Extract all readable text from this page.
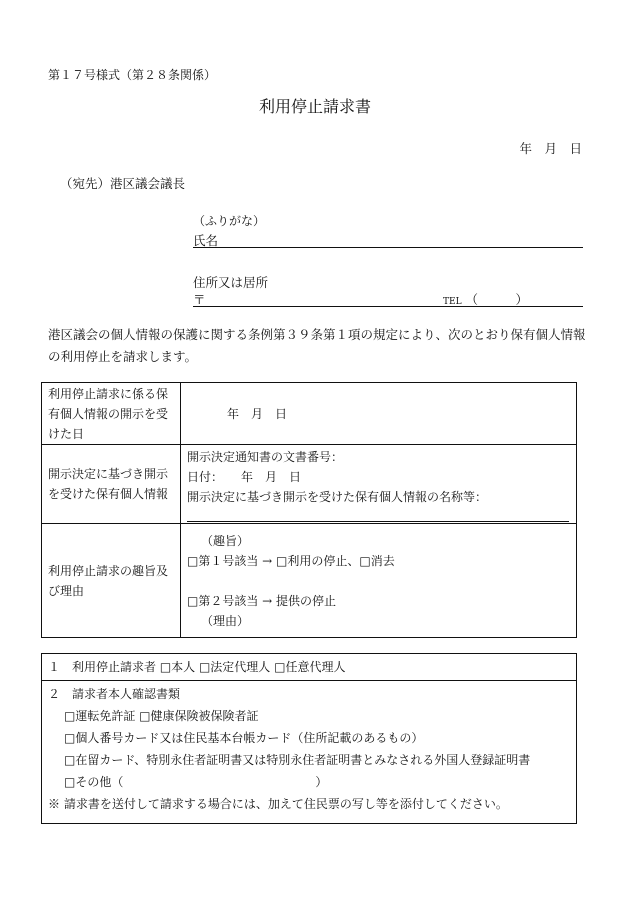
第１７号様式（第２８条関係）
利用停止請求書
年　月　日
（宛先）港区議会議長
（ふりがな）
氏名
住所又は居所
〒	TEL （　　　）
港区議会の個人情報の保護に関する条例第３９条第１項の規定により、次のとおり保有個人情報の利用停止を請求します。
利用停止請求に係る保有個人情報の開示を受けた日	年　月　日
開示決定に基づき開示を受けた保有個人情報	開示決定通知書の文書番号：
日付：　　年　月　日
開示決定に基づき開示を受けた保有個人情報の名称等：

利用停止請求の趣旨及び理由	（趣旨）
□第１号該当 → □利用の停止、□消去
□第２号該当 → 提供の停止
（理由）
１　利用停止請求者 □本人 □法定代理人 □任意代理人

２　請求者本人確認書類
□運転免許証 □健康保険被保険者証
□個人番号カード又は住民基本台帳カード（住所記載のあるもの）
□在留カード、特別永住者証明書又は特別永住者証明書とみなされる外国人登録証明書
□その他（　　　　　　　　　　　　　　　　）
※ 請求書を送付して請求する場合には、加えて住民票の写し等を添付してください。
